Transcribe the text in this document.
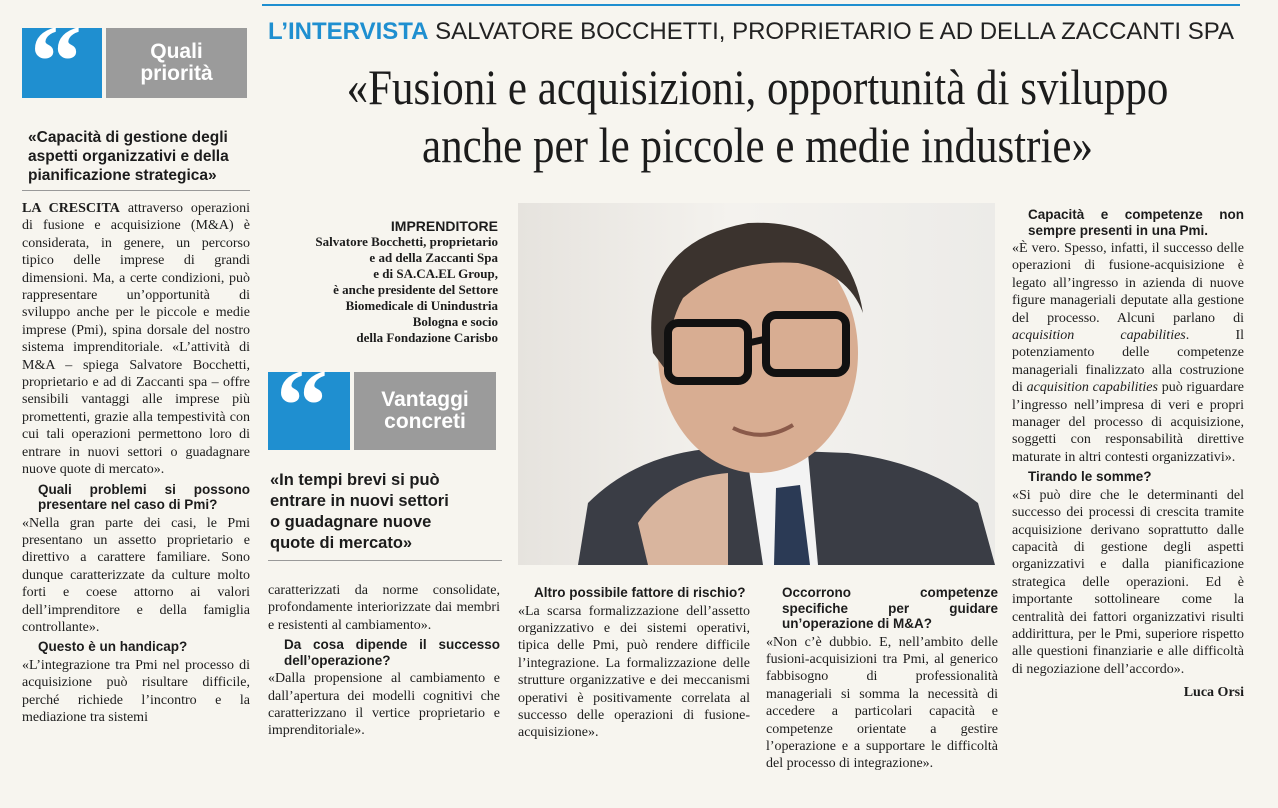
L’INTERVISTA SALVATORE BOCCHETTI, PROPRIETARIO E AD DELLA ZACCANTI SPA
«Fusioni e acquisizioni, opportunità di sviluppo
anche per le piccole e medie industrie»
“	Quali
priorità
«Capacità di gestione degli
aspetti organizzativi e della
pianificazione strategica»

LA CRESCITA attraverso operazioni di fusione e acquisizione (M&A) è considerata, in genere, un percorso tipico delle imprese di grandi dimensioni. Ma, a certe condizioni, può rappresentare un’opportunità di sviluppo anche per le piccole e medie imprese (Pmi), spina dorsale del nostro sistema imprenditoriale. «L’attività di M&A – spiega Salvatore Bocchetti, proprietario e ad di Zaccanti spa – offre sensibili vantaggi alle imprese più promettenti, grazie alla tempestività con cui tali operazioni permettono loro di entrare in nuovi settori o guadagnare nuove quote di mercato».

Quali problemi si possono presentare nel caso di Pmi?

«Nella gran parte dei casi, le Pmi presentano un assetto proprietario e direttivo a carattere familiare. Sono dunque caratterizzate da culture molto forti e coese attorno ai valori dell’imprenditore e della famiglia controllante».

Questo è un handicap?

«L’integrazione tra Pmi nel processo di acquisizione può risultare difficile, perché richiede l’incontro e la mediazione tra sistemi

IMPRENDITORE
Salvatore Bocchetti, proprietario
e ad della Zaccanti Spa
e di SA.CA.EL Group,
è anche presidente del Settore
Biomedicale di Unindustria
Bologna e socio
della Fondazione Carisbo
“	Vantaggi
concreti
«In tempi brevi si può
entrare in nuovi settori
o guadagnare nuove
quote di mercato»

caratterizzati da norme consolidate, profondamente interiorizzate dai membri e resistenti al cambiamento».

Da cosa dipende il successo dell’operazione?

«Dalla propensione al cambiamento e dall’apertura dei modelli cognitivi che caratterizzano il vertice proprietario e imprenditoriale».

Altro possibile fattore di rischio?

«La scarsa formalizzazione dell’assetto organizzativo e dei sistemi operativi, tipica delle Pmi, può rendere difficile l’integrazione. La formalizzazione delle strutture organizzative e dei meccanismi operativi è positivamente correlata al successo delle operazioni di fusione-acquisizione».

Occorrono competenze specifiche per guidare un’operazione di M&A?

«Non c’è dubbio. E, nell’ambito delle fusioni-acquisizioni tra Pmi, al generico fabbisogno di professionalità manageriali si somma la necessità di accedere a particolari capacità e competenze orientate a gestire l’operazione e a supportare le difficoltà del processo di integrazione».

Capacità e competenze non sempre presenti in una Pmi.

«È vero. Spesso, infatti, il successo delle operazioni di fusione-acquisizione è legato all’ingresso in azienda di nuove figure manageriali deputate alla gestione del processo. Alcuni parlano di acquisition capabilities. Il potenziamento delle competenze manageriali finalizzato alla costruzione di acquisition capabilities può riguardare l’ingresso nell’impresa di veri e propri manager del processo di acquisizione, soggetti con responsabilità direttive maturate in altri contesti organizzativi».

Tirando le somme?

«Si può dire che le determinanti del successo dei processi di crescita tramite acquisizione derivano soprattutto dalle capacità di gestione degli aspetti organizzativi e dalla pianificazione strategica delle operazioni. Ed è importante sottolineare come la centralità dei fattori organizzativi risulti addirittura, per le Pmi, superiore rispetto alle questioni finanziarie e alle difficoltà di negoziazione dell’accordo».

Luca Orsi
